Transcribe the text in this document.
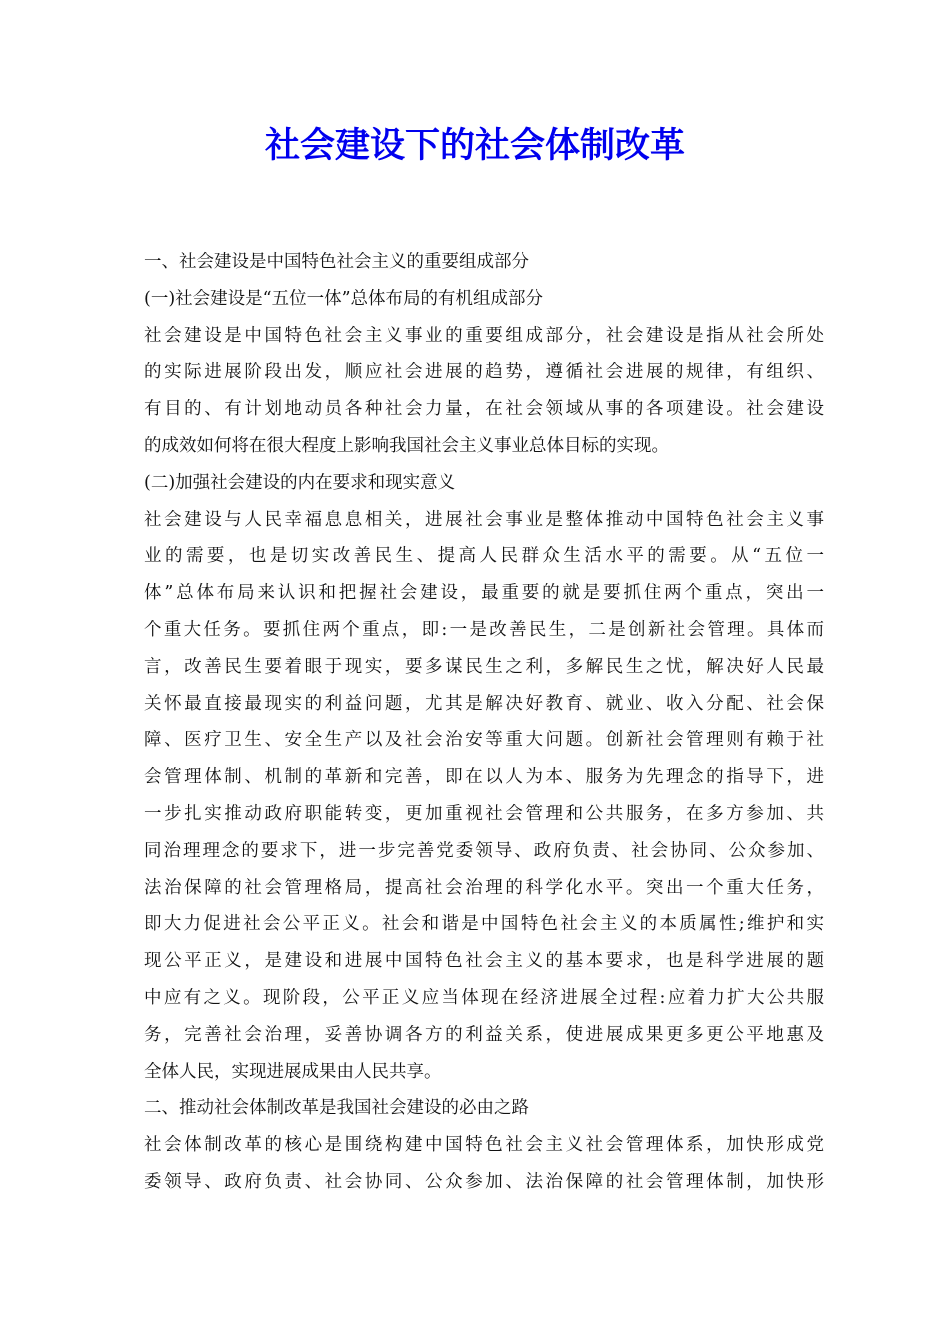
社会建设下的社会体制改革
一、社会建设是中国特色社会主义的重要组成部分
(一)社会建设是“五位一体”总体布局的有机组成部分
社会建设是中国特色社会主义事业的重要组成部分，社会建设是指从社会所处
的实际进展阶段出发，顺应社会进展的趋势，遵循社会进展的规律，有组织、
有目的、有计划地动员各种社会力量，在社会领域从事的各项建设。社会建设
的成效如何将在很大程度上影响我国社会主义事业总体目标的实现。
(二)加强社会建设的内在要求和现实意义
社会建设与人民幸福息息相关，进展社会事业是整体推动中国特色社会主义事
业的需要，也是切实改善民生、提高人民群众生活水平的需要。从“五位一
体”总体布局来认识和把握社会建设，最重要的就是要抓住两个重点，突出一
个重大任务。要抓住两个重点，即:一是改善民生，二是创新社会管理。具体而
言，改善民生要着眼于现实，要多谋民生之利，多解民生之忧，解决好人民最
关怀最直接最现实的利益问题，尤其是解决好教育、就业、收入分配、社会保
障、医疗卫生、安全生产以及社会治安等重大问题。创新社会管理则有赖于社
会管理体制、机制的革新和完善，即在以人为本、服务为先理念的指导下，进
一步扎实推动政府职能转变，更加重视社会管理和公共服务，在多方参加、共
同治理理念的要求下，进一步完善党委领导、政府负责、社会协同、公众参加、
法治保障的社会管理格局，提高社会治理的科学化水平。突出一个重大任务，
即大力促进社会公平正义。社会和谐是中国特色社会主义的本质属性;维护和实
现公平正义，是建设和进展中国特色社会主义的基本要求，也是科学进展的题
中应有之义。现阶段，公平正义应当体现在经济进展全过程:应着力扩大公共服
务，完善社会治理，妥善协调各方的利益关系，使进展成果更多更公平地惠及
全体人民，实现进展成果由人民共享。
二、推动社会体制改革是我国社会建设的必由之路
社会体制改革的核心是围绕构建中国特色社会主义社会管理体系，加快形成党
委领导、政府负责、社会协同、公众参加、法治保障的社会管理体制，加快形
